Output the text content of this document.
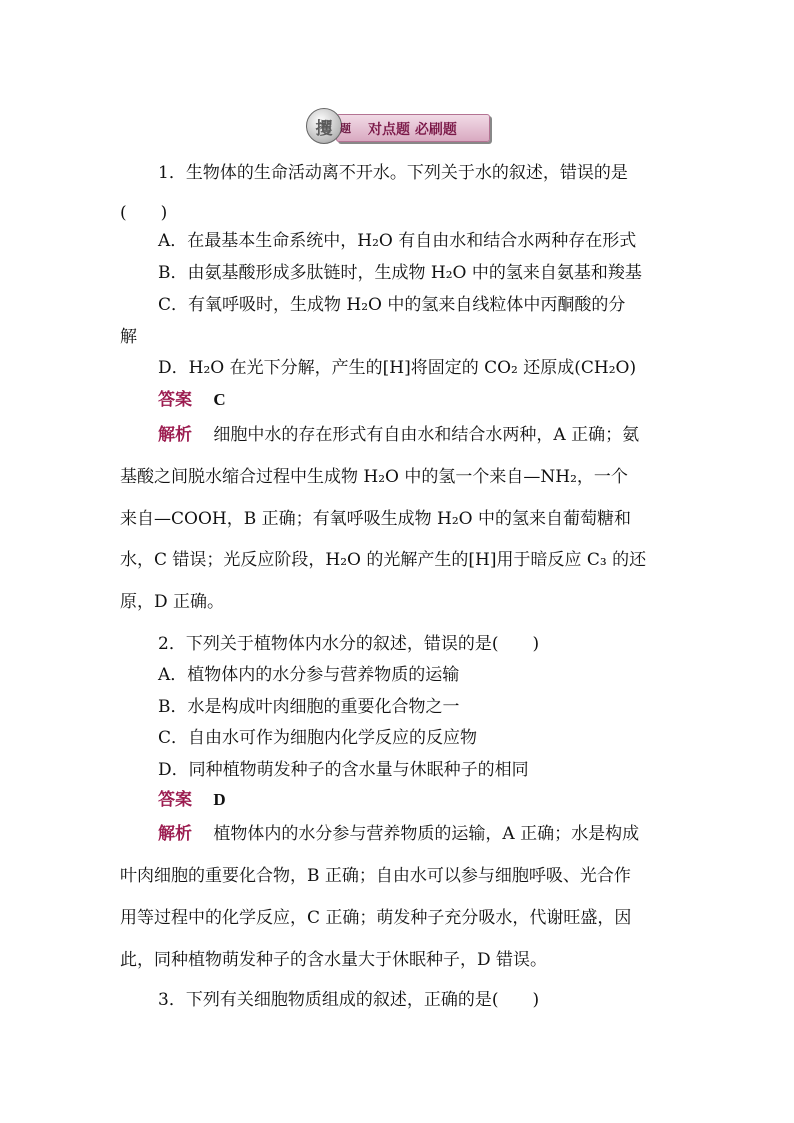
攫 题 对点题 必刷题
1．生物体的生命活动离不开水。下列关于水的叙述，错误的是
(　　)
A．在最基本生命系统中，H₂O 有自由水和结合水两种存在形式
B．由氨基酸形成多肽链时，生成物 H₂O 中的氢来自氨基和羧基
C．有氧呼吸时，生成物 H₂O 中的氢来自线粒体中丙酮酸的分
解
D．H₂O 在光下分解，产生的[H]将固定的 CO₂ 还原成(CH₂O)
答案 C
解析 细胞中水的存在形式有自由水和结合水两种，A 正确；氨
基酸之间脱水缩合过程中生成物 H₂O 中的氢一个来自—NH₂，一个
来自—COOH，B 正确；有氧呼吸生成物 H₂O 中的氢来自葡萄糖和
水，C 错误；光反应阶段，H₂O 的光解产生的[H]用于暗反应 C₃ 的还
原，D 正确。
2．下列关于植物体内水分的叙述，错误的是(　　)
A．植物体内的水分参与营养物质的运输
B．水是构成叶肉细胞的重要化合物之一
C．自由水可作为细胞内化学反应的反应物
D．同种植物萌发种子的含水量与休眠种子的相同
答案 D
解析 植物体内的水分参与营养物质的运输，A 正确；水是构成
叶肉细胞的重要化合物，B 正确；自由水可以参与细胞呼吸、光合作
用等过程中的化学反应，C 正确；萌发种子充分吸水，代谢旺盛，因
此，同种植物萌发种子的含水量大于休眠种子，D 错误。
3．下列有关细胞物质组成的叙述，正确的是(　　)
